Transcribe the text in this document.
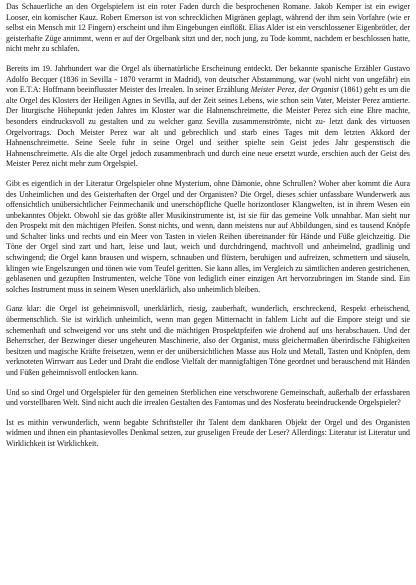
Das Schauerliche an den Orgelspielern ist ein roter Faden durch die besprochenen Romane. Jakob Kemper ist ein ewiger Looser, ein komischer Kauz. Robert Emerson ist von schrecklichen Migränen geplagt, während der ihm sein Vorfahre (wie er selbst ein Mensch mit 12 Fingern) erscheint und ihm Eingebungen einflößt. Elias Alder ist ein verschlossener Eigenbrötler, der geisterhafte Züge annimmt, wenn er auf der Orgelbank sitzt und der, noch jung, zu Tode kommt, nachdem er beschlossen hatte, nicht mehr zu schlafen.

Bereits im 19. Jahrhundert war die Orgel als übernatürliche Erscheinung entdeckt. Der bekannte spanische Erzähler Gustavo Adolfo Becquer (1836 in Sevilla - 1870 verarmt in Madrid), von deutscher Abstammung, war (wohl nicht von ungefähr) ein von E.T.A: Hoffmann beeinflusster Meister des Irrealen. In seiner Erzählung Meister Perez, der Organist (1861) geht es um die alte Orgel des Klosters der Heiligen Agnes in Sevilla, auf der Zeit seines Lebens, wie schon sein Vater, Meister Perez amtierte. Der liturgische Höhepunkt jeden Jahres im Kloster war die Hahnenschreimette, die Meister Perez sich eine Ehre machte, besonders eindrucksvoll zu gestalten und zu welcher ganz Sevilla zusammenströmte, nicht zu- letzt dank des virtuosen Orgelvortrags. Doch Meister Perez war alt und gebrechlich und starb eines Tages mit dem letzten Akkord der Hahnenschreimette. Seine Seele fuhr in seine Orgel und seither spielte sein Geist jedes Jahr gespenstisch die Hahnenschreimette. Als die alte Orgel jedoch zusammenbrach und durch eine neue ersetzt wurde, erschien auch der Geist des Meister Perez nicht mehr zum Orgelspiel.

Gibt es eigentlich in der Literatur Orgelspieler ohne Mysterium, ohne Dämonie, ohne Schrullen? Woher aber kommt die Aura des Unheimlichen und des Geisterhaften der Orgel und der Organisten? Die Orgel, dieses schier unfassbare Wunderwerk aus offensichtlich unübersichtlicher Feinmechanik und unerschöpfliche Quelle horizontloser Klangwelten, ist in ihrem Wesen ein unbekanntes Objekt. Obwohl sie das größte aller Musikinstrumente ist, ist sie für das gemeine Volk unnahbar. Man sieht nur den Prospekt mit den mächtigen Pfeifen. Sonst nichts, und wenn, dann meistens nur auf Abbildungen, sind es tausend Knöpfe und Schalter links und rechts und ein Meer von Tasten in vielen Reihen übereinander für Hände und Füße gleichzeitig. Die Töne der Orgel sind zart und hart, leise und laut, weich und durchdringend, machtvoll und anheimelnd, gradlinig und schwingend; die Orgel kann brausen und wispern, schnauben und flüstern, beruhigen und aufreizen, schmettern und säuseln, klingen wie Engelszungen und tönen wie vom Teufel geritten. Sie kann alles, im Vergleich zu sämtlichen anderen gestrichenen, geblasenen und gezupften Instrumenten, welche Töne von lediglich einer einzigen Art hervorzubringen im Stande sind. Ein solches Instrument muss in seinem Wesen unerklärlich, also unheimlich bleiben.

Ganz klar: die Orgel ist geheimnisvoll, unerklärlich, riesig, zauberhaft, wunderlich, erschreckend, Respekt erheischend, übermenschlich. Sie ist wirklich unheimlich, wenn man gegen Mitternacht in fahlem Licht auf die Empore steigt und sie schemenhaft und schweigend vor uns steht und die mächtigen Prospektpfeifen wie drohend auf uns herabschauen. Und der Beherrscher, der Bezwinger dieser ungeheuren Maschinerie, also der Organist, muss gleichermaßen überirdische Fähigkeiten besitzen und magische Kräfte freisetzen, wenn er der unübersichtlichen Masse aus Holz und Metall, Tasten und Knöpfen, dem verknoteten Wirrwarr aus Leder und Draht die endlose Vielfalt der mannigfaltigen Töne geordnet und berauschend mit Händen und Füßen geheimnisvoll entlocken kann.

Und so sind Orgel und Orgelspieler für den gemeinen Sterblichen eine verschworene Gemeinschaft, außerhalb der erfassbaren und vorstellbaren Welt. Sind nicht auch die irrealen Gestalten des Fantomas und des Nosferatu beeindruckende Orgelspieler?

Ist es mithin verwunderlich, wenn begabte Schriftsteller ihr Talent dem dankbaren Objekt der Orgel und des Organisten widmen und ihnen ein phantasievolles Denkmal setzen, zur gruseligen Freude der Leser? Allerdings: Literatur ist Literatur und Wirklichkeit ist Wirklichkeit.
